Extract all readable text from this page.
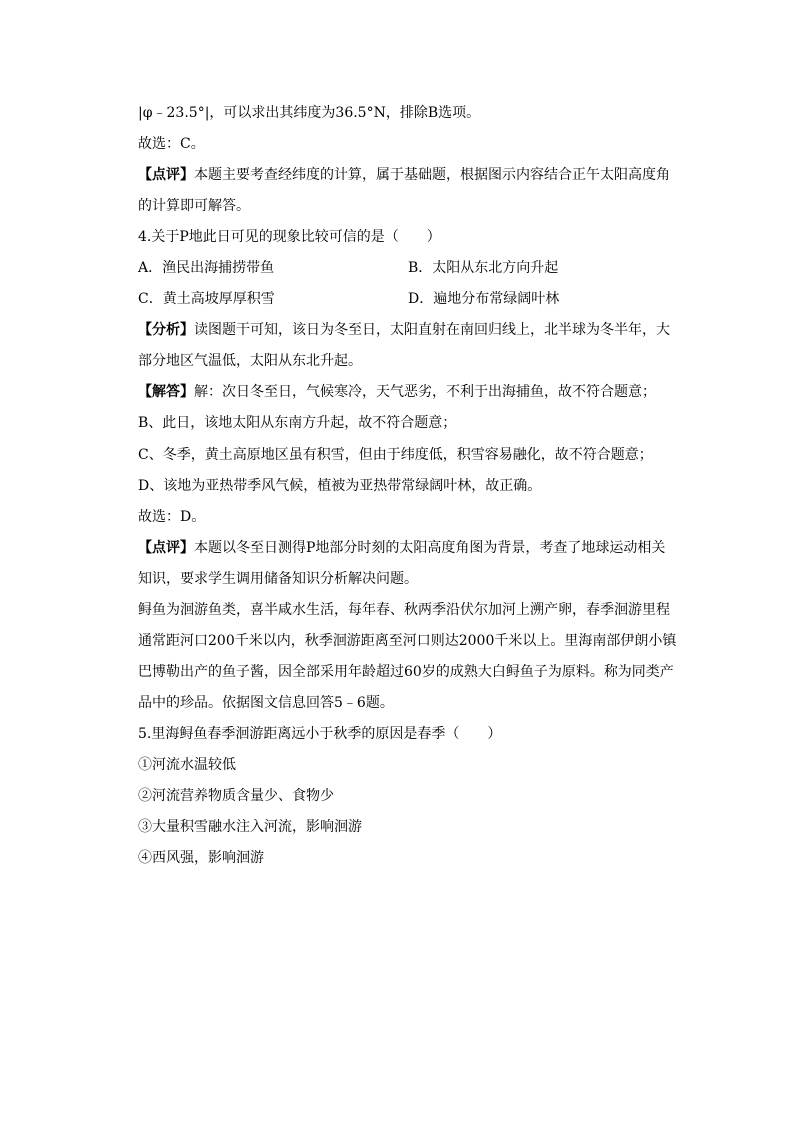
|φ﹣23.5°|，可以求出其纬度为36.5°N，排除B选项。
故选：C。
【点评】本题主要考查经纬度的计算，属于基础题，根据图示内容结合正午太阳高度角
的计算即可解答。
4.关于P地此日可见的现象比较可信的是（　　）
A．渔民出海捕捞带鱼	B．太阳从东北方向升起
C．黄土高坡厚厚积雪	D．遍地分布常绿阔叶林
【分析】读图题干可知，该日为冬至日，太阳直射在南回归线上，北半球为冬半年，大
部分地区气温低，太阳从东北升起。
【解答】解：次日冬至日，气候寒冷，天气恶劣，不利于出海捕鱼，故不符合题意；
B、此日，该地太阳从东南方升起，故不符合题意；
C、冬季，黄土高原地区虽有积雪，但由于纬度低，积雪容易融化，故不符合题意；
D、该地为亚热带季风气候，植被为亚热带常绿阔叶林，故正确。
故选：D。
【点评】本题以冬至日测得P地部分时刻的太阳高度角图为背景，考查了地球运动相关
知识，要求学生调用储备知识分析解决问题。
鲟鱼为洄游鱼类，喜半咸水生活，每年春、秋两季沿伏尔加河上溯产卵，春季洄游里程
通常距河口200千米以内，秋季洄游距离至河口则达2000千米以上。里海南部伊朗小镇
巴博勒出产的鱼子酱，因全部采用年龄超过60岁的成熟大白鲟鱼子为原料。称为同类产
品中的珍品。依据图文信息回答5﹣6题。
5.里海鲟鱼春季洄游距离远小于秋季的原因是春季（　　）
①河流水温较低
②河流营养物质含量少、食物少
③大量积雪融水注入河流，影响洄游
④西风强，影响洄游
